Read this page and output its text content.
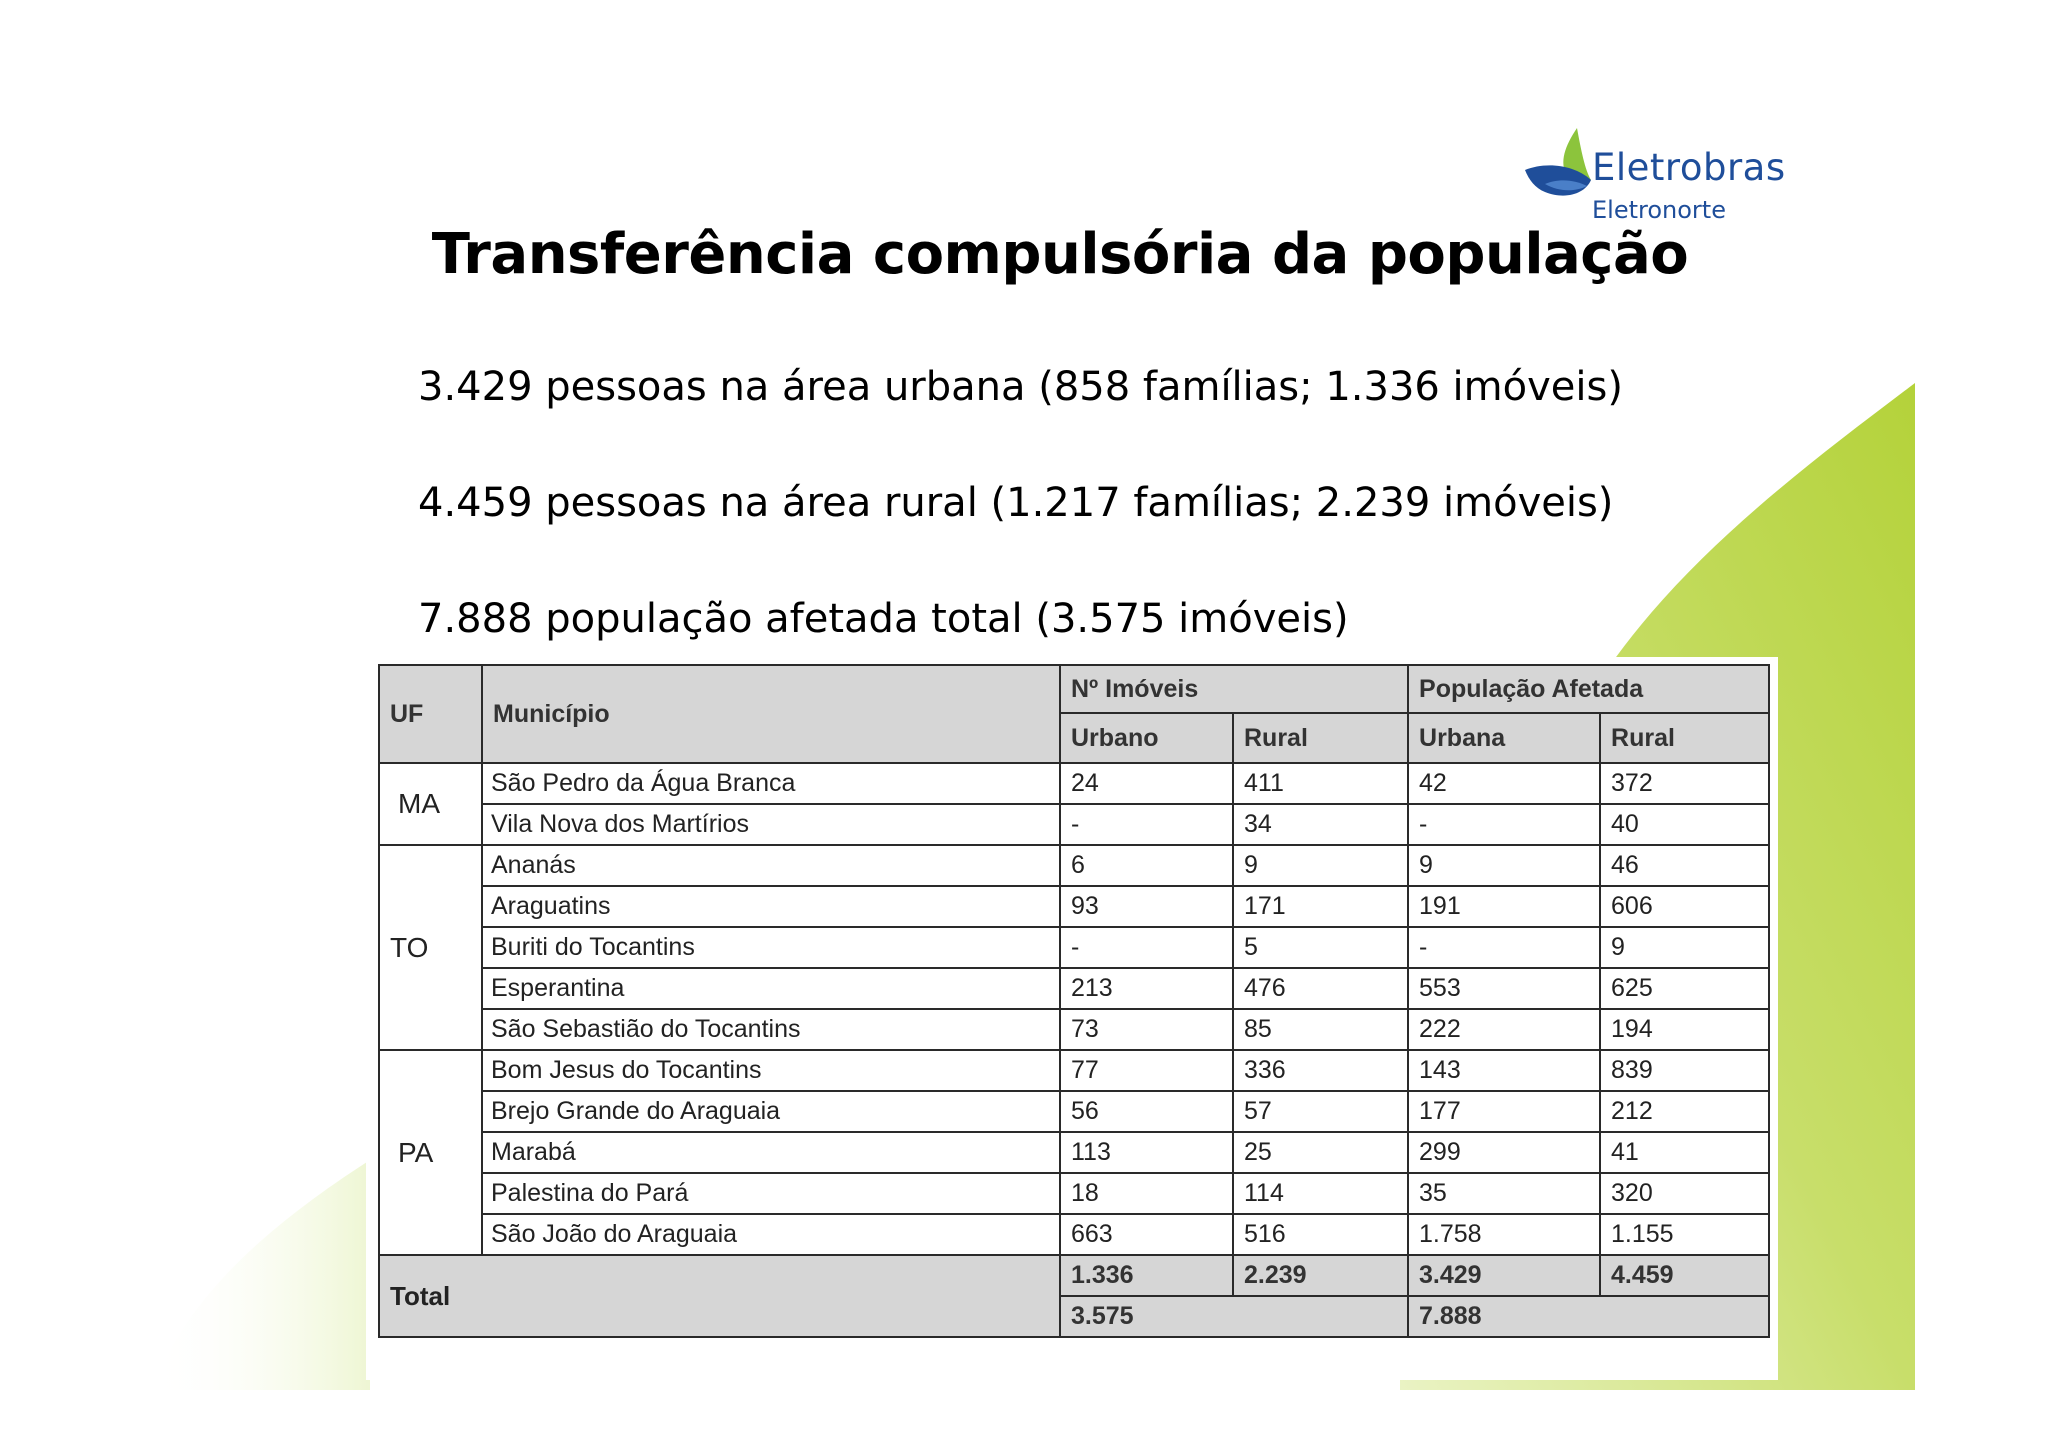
Eletrobras
Eletronorte
Transferência compulsória da população
3.429 pessoas na área urbana (858 famílias; 1.336 imóveis)
4.459 pessoas na área rural (1.217 famílias; 2.239 imóveis)
7.888 população afetada total (3.575 imóveis)
UF	Município	Nº Imóveis		População Afetada	
		Urbano	Rural	Urbana	Rural
MA	São Pedro da Água Branca	24	411	42	372
	Vila Nova dos Martírios	-	34	-	40
TO	Ananás	6	9	9	46
	Araguatins	93	171	191	606
	Buriti do Tocantins	-	5	-	9
	Esperantina	213	476	553	625
	São Sebastião do Tocantins	73	85	222	194
PA	Bom Jesus do Tocantins	77	336	143	839
	Brejo Grande do Araguaia	56	57	177	212
	Marabá	113	25	299	41
	Palestina do Pará	18	114	35	320
	São João do Araguaia	663	516	1.758	1.155
Total		1.336	2.239	3.429	4.459
		3.575		7.888	
